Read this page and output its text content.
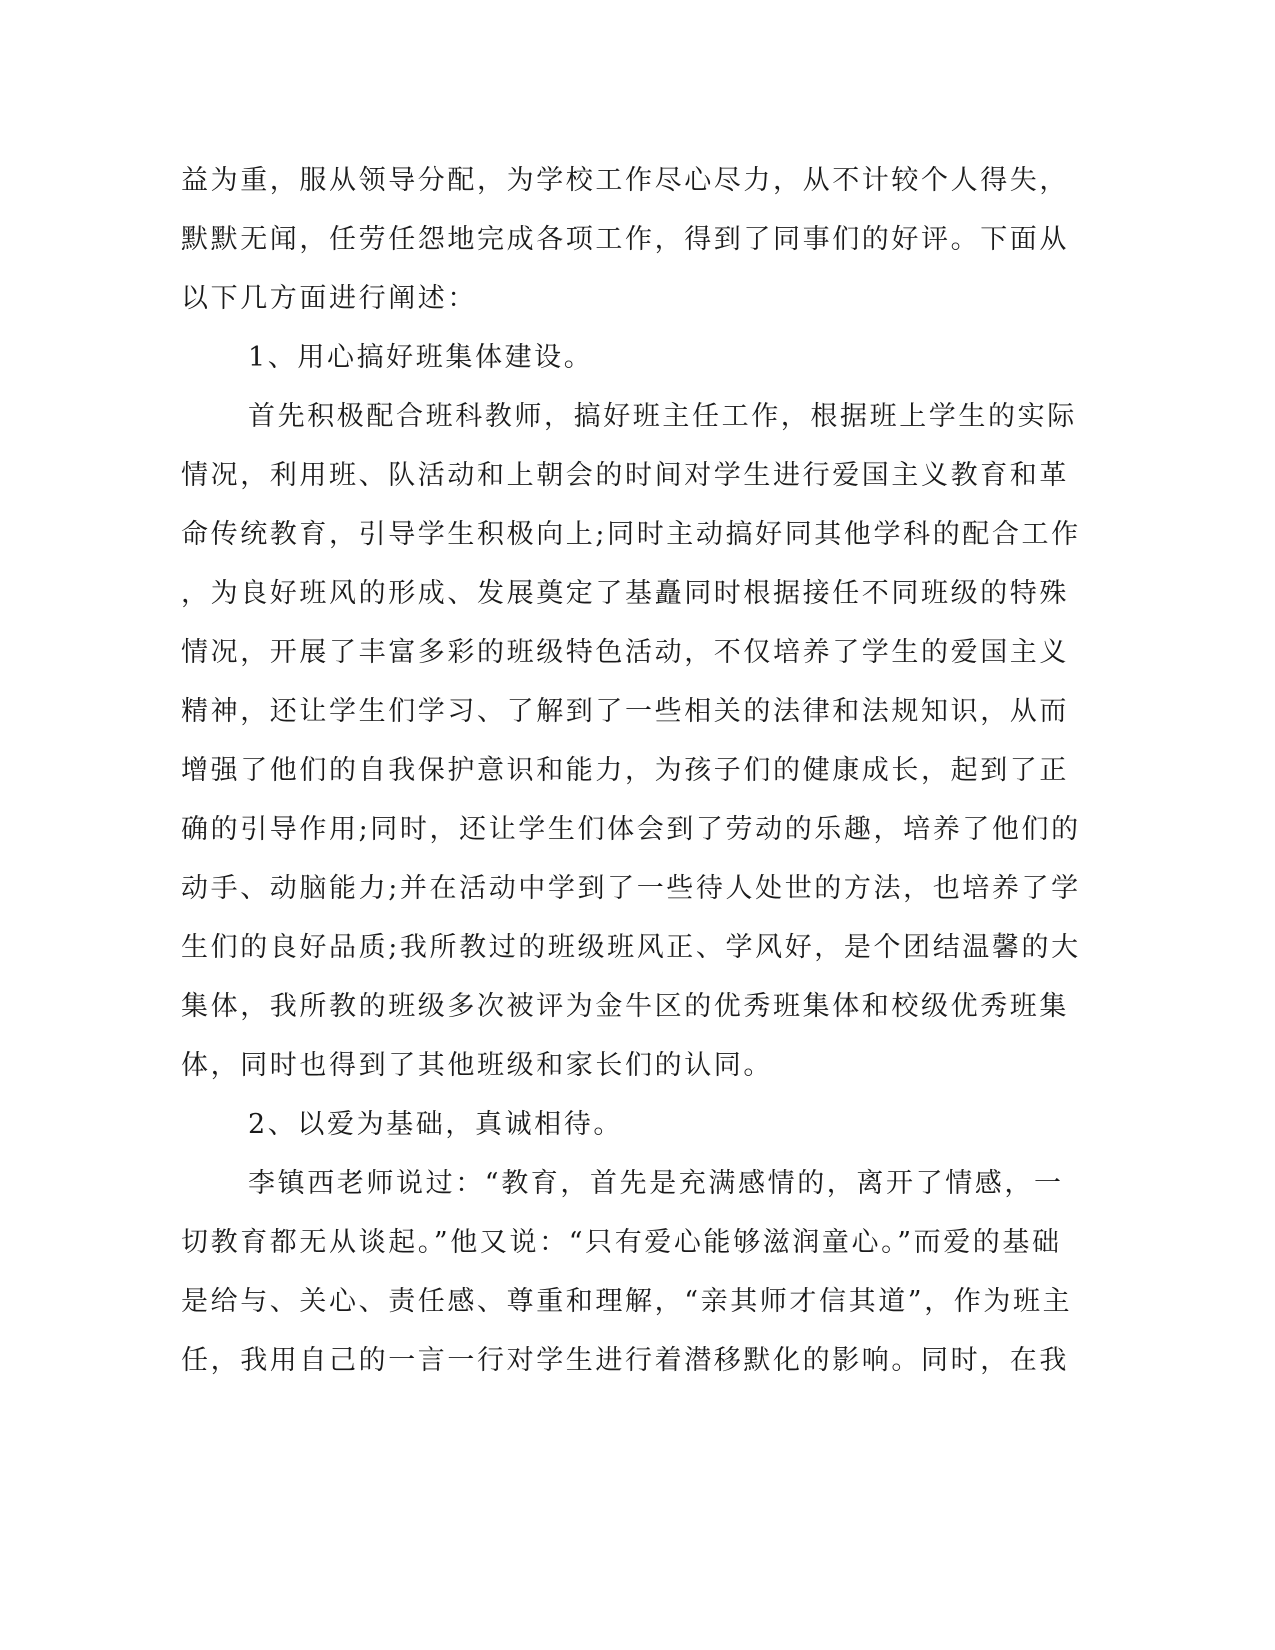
益为重，服从领导分配，为学校工作尽心尽力，从不计较个人得失，
默默无闻，任劳任怨地完成各项工作，得到了同事们的好评。下面从
以下几方面进行阐述：
1、用心搞好班集体建设。
首先积极配合班科教师，搞好班主任工作，根据班上学生的实际
情况，利用班、队活动和上朝会的时间对学生进行爱国主义教育和革
命传统教育，引导学生积极向上;同时主动搞好同其他学科的配合工作
，为良好班风的形成、发展奠定了基矗同时根据接任不同班级的特殊
情况，开展了丰富多彩的班级特色活动，不仅培养了学生的爱国主义
精神，还让学生们学习、了解到了一些相关的法律和法规知识，从而
增强了他们的自我保护意识和能力，为孩子们的健康成长，起到了正
确的引导作用;同时，还让学生们体会到了劳动的乐趣，培养了他们的
动手、动脑能力;并在活动中学到了一些待人处世的方法，也培养了学
生们的良好品质;我所教过的班级班风正、学风好，是个团结温馨的大
集体，我所教的班级多次被评为金牛区的优秀班集体和校级优秀班集
体，同时也得到了其他班级和家长们的认同。
2、以爱为基础，真诚相待。
李镇西老师说过：“教育，首先是充满感情的，离开了情感，一
切教育都无从谈起。”他又说：“只有爱心能够滋润童心。”而爱的基础
是给与、关心、责任感、尊重和理解，“亲其师才信其道”，作为班主
任，我用自己的一言一行对学生进行着潜移默化的影响。同时，在我
